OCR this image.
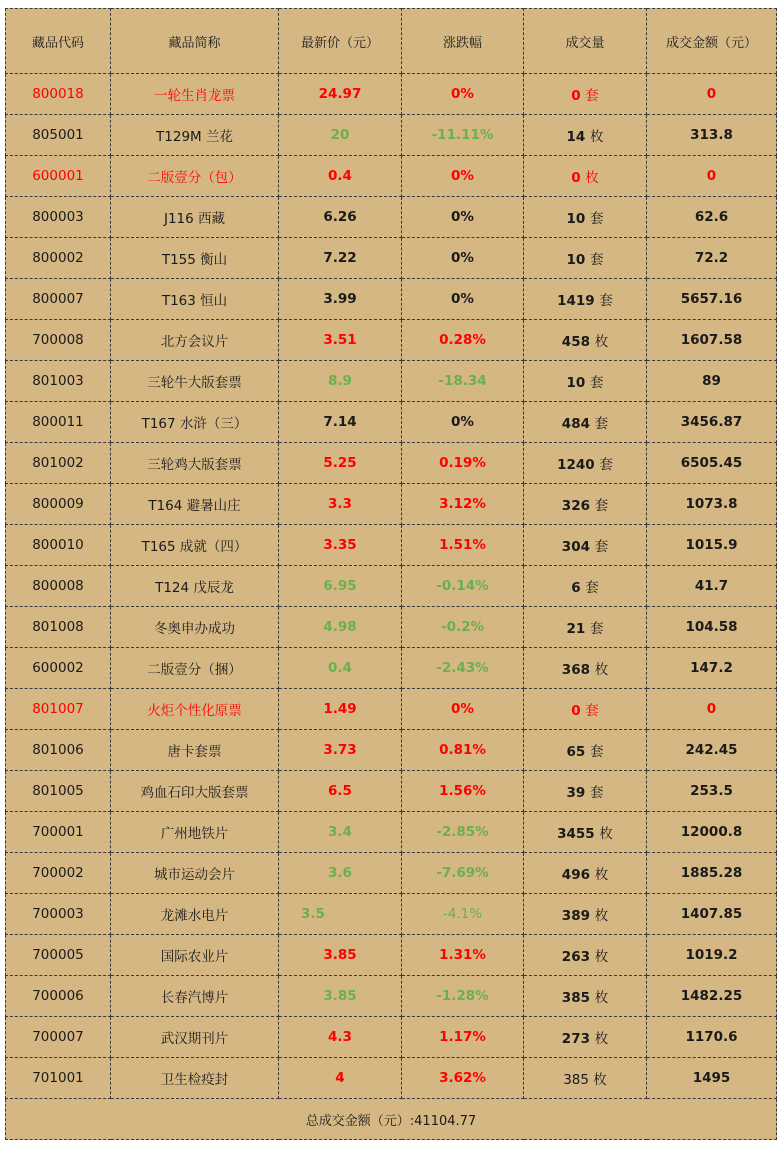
藏品代码	藏品简称	最新价（元）	涨跌幅	成交量	成交金额（元）
800018	一轮生肖龙票	24.97	0%	0 套	0
805001	T129M 兰花	20	-11.11%	14 枚	313.8
600001	二版壹分（包）	0.4	0%	0 枚	0
800003	J116 西藏	6.26	0%	10 套	62.6
800002	T155 衡山	7.22	0%	10 套	72.2
800007	T163 恒山	3.99	0%	1419 套	5657.16
700008	北方会议片	3.51	0.28%	458 枚	1607.58
801003	三轮牛大版套票	8.9	-18.34	10 套	89
800011	T167 水浒（三）	7.14	0%	484 套	3456.87
801002	三轮鸡大版套票	5.25	0.19%	1240 套	6505.45
800009	T164 避暑山庄	3.3	3.12%	326 套	1073.8
800010	T165 成就（四）	3.35	1.51%	304 套	1015.9
800008	T124 戊辰龙	6.95	-0.14%	6 套	41.7
801008	冬奥申办成功	4.98	-0.2%	21 套	104.58
600002	二版壹分（捆）	0.4	-2.43%	368 枚	147.2
801007	火炬个性化原票	1.49	0%	0 套	0
801006	唐卡套票	3.73	0.81%	65 套	242.45
801005	鸡血石印大版套票	6.5	1.56%	39 套	253.5
700001	广州地铁片	3.4	-2.85%	3455 枚	12000.8
700002	城市运动会片	3.6	-7.69%	496 枚	1885.28
700003	龙滩水电片	3.5	-4.1%	389 枚	1407.85
700005	国际农业片	3.85	1.31%	263 枚	1019.2
700006	长春汽博片	3.85	-1.28%	385 枚	1482.25
700007	武汉期刊片	4.3	1.17%	273 枚	1170.6
701001	卫生检疫封	4	3.62%	385 枚	1495
总成交金额（元）:41104.77					
